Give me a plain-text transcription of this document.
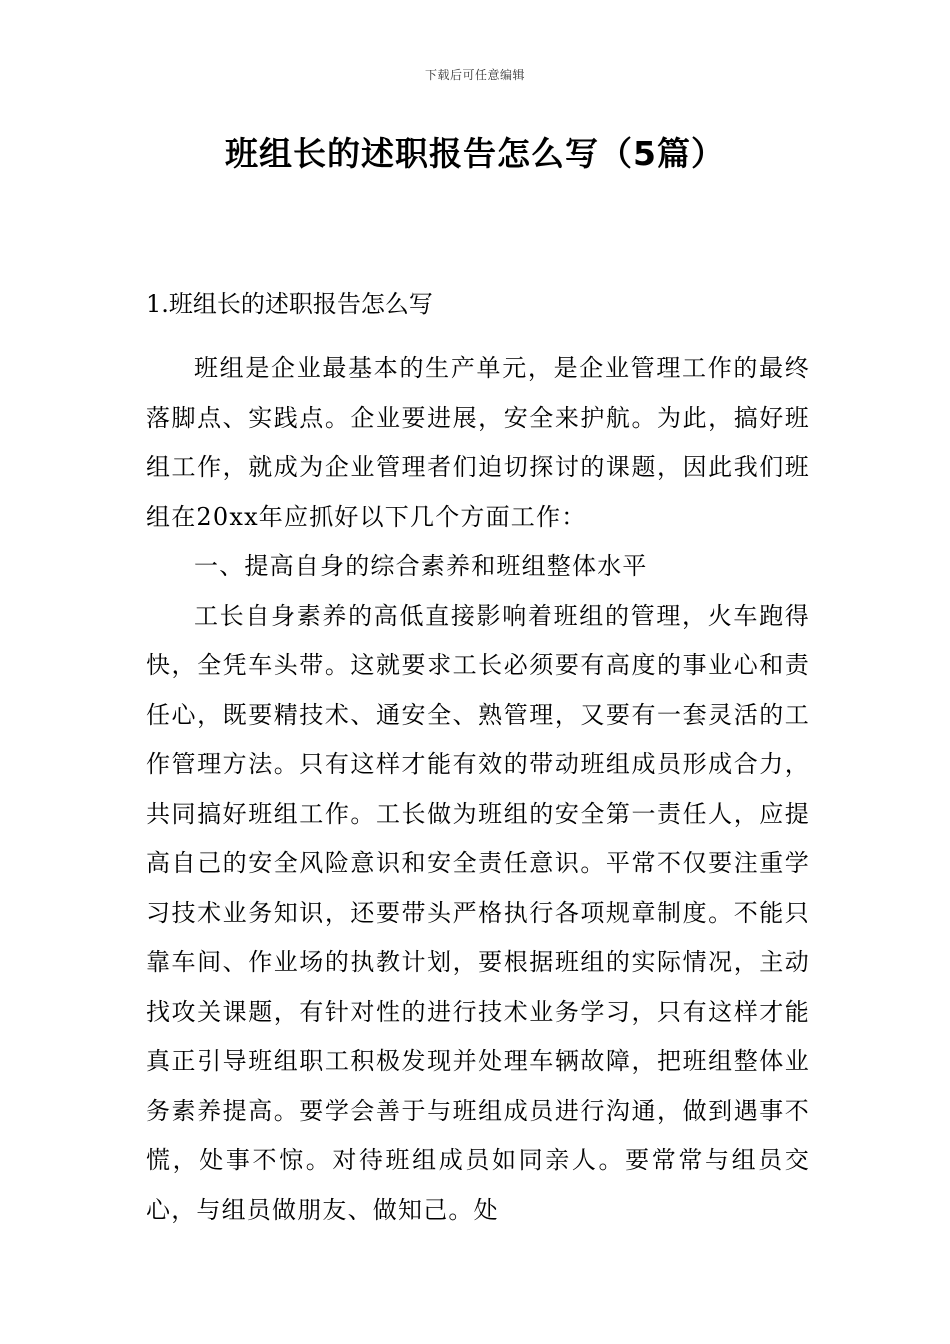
下载后可任意编辑
班组长的述职报告怎么写（5篇）

1.班组长的述职报告怎么写

班组是企业最基本的生产单元，是企业管理工作的最终落脚点、实践点。企业要进展，安全来护航。为此，搞好班组工作，就成为企业管理者们迫切探讨的课题，因此我们班组在20xx年应抓好以下几个方面工作：

一、提高自身的综合素养和班组整体水平

工长自身素养的高低直接影响着班组的管理，火车跑得快，全凭车头带。这就要求工长必须要有高度的事业心和责任心，既要精技术、通安全、熟管理，又要有一套灵活的工作管理方法。只有这样才能有效的带动班组成员形成合力，共同搞好班组工作。工长做为班组的安全第一责任人，应提高自己的安全风险意识和安全责任意识。平常不仅要注重学习技术业务知识，还要带头严格执行各项规章制度。不能只靠车间、作业场的执教计划，要根据班组的实际情况，主动找攻关课题，有针对性的进行技术业务学习，只有这样才能真正引导班组职工积极发现并处理车辆故障，把班组整体业务素养提高。要学会善于与班组成员进行沟通，做到遇事不慌，处事不惊。对待班组成员如同亲人。要常常与组员交心，与组员做朋友、做知己。处
